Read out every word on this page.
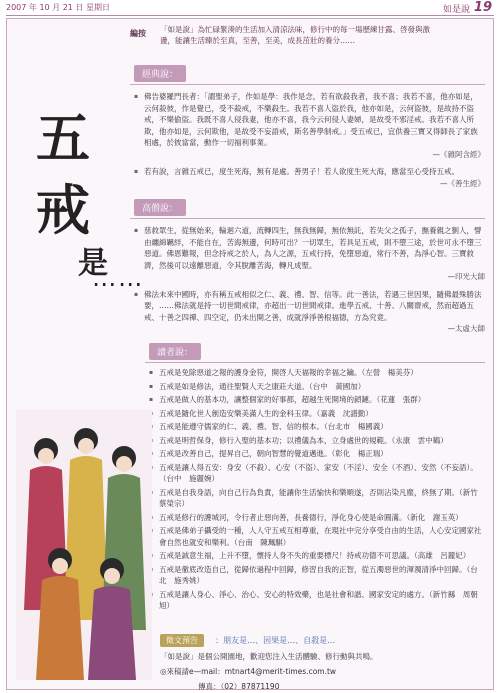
2007 年 10 月 21 日 星期日	如是說 19
編按 「如是說」為忙碌緊湊的生活加入清涼法味，修行中的每一場歷練甘露、啓發與激盪，能讓生活臻於至真，至善，至美，成長茁壯的養分……
五
戒
是
⋯⋯
經典說：
▪ 佛告婆羅門長者：「謂聖弟子，作如是學：我作是念，若有欲殺我者，我不喜；我若不喜，他亦如是，云何殺彼，作是覺已，受不殺戒，不樂殺生。我若不喜人盜於我，他亦如是，云何盜彼，是故持不盜戒，不樂偷盜。我既不喜人侵我妻，他亦不喜，我今云何侵人妻婦，是故受不邪淫戒。我若不喜人所欺，他亦如是，云何欺他，是故受不妄語戒，斯名善學制戒。」受五戒已，宜供養三寶又得師長了家族相處，於彼當當，動作一切福利事業。
—《雜阿含經》
▪ 若有說，言雜五戒已，度生死海，無有是處。善男子！若人欲度生死大海，應當至心受持五戒。
—《善生經》
高僧說：
▪ 慈救眾生，從無始來，輪迴六道，流轉四生，無我無歸，無依無託，若失父之孤子，撫養親之劉人，譬由纏綿羈絆，不能自在，苦海無邊，何時可出？一切眾生，若具足五戒，則不墮三途，於世可永不墮三惡道。佛恩難報，但念持戒之於人，為人之源，五戒行持，免墮惡道，常行不善，為淨心智。三寶救濟，然後可以遠離惡道，令其脫離苦海，轉凡成聖。
—印光大師
▪ 佛法未來中國時，亦有稱五戒相似之仁、義、禮、智、信等。此一善法，若遇三世因果，隨佛最殊勝法要，……佛法就是持一切世間戒律，亦超出一切世間戒律。進學五戒、十善、八關齋戒，然而超過五戒、十善之四禪、四空定，仍未出開之善，成就淨淨善根福德，方為究竟。
—太虛大師
讀者說：
▪ 五戒是免除惡道之報的護身金符，開啓人天福報的幸福之鑰。（左營　楊美芬）
▪ 五戒是如是修法，通往聖賢人天之康莊大道。（台中　黃國加）
▪ 五戒是做人的基本功，讓整個家的好事都，超越生死開境的鎖鏈。（花蓮　張群）
▪ 五戒是隨化世人創造安樂美滿人生的金科玉律。（嘉義　沈譜勤）
▪ 五戒是能遵守儒家的仁、義、禮、智、信的根本。（台北市　楊國義）
▪ 五戒是明哲保身，修行入聖的基本功；以禮儀為本，立身處世的規範。（永康　雲中鶴）
▪ 五戒是改善自己，提昇自己，朝向智慧的覺道邁進。（彰化　楊正瑞）
▪ 五戒是讓人得五安：身安（不殺）、心安（不盜）、家安（不淫）、安全（不酒）、安然（不妄語）。（台中　施麗婉）
▪ 五戒是自我身語，向自己行為負責，能讓你生活愉快和樂順遂，否則沾染凡塵，終無了期。（新竹　蔡榮宗）
▪ 五戒是修行的護城河，令行者止惡向善，長養德行，淨化身心使是命圓滿。（新化　謝玉英）
▪ 五戒是佛弟子攝受的一種，人人守五戒互相尊重，在現社中完分享受自由的生活，人心安定國家社會自然也就安和樂利。（台南　陳珮騏）
▪ 五戒是誠意生福，上升不墮，懷持人身不失的重要標尺！持戒功德不可思議。（高雄　呂麗妃）
▪ 五戒是徹底改造自己，從歸依過程中回歸，修習自我的正智，從五濁惡世的渾濁清淨中回歸。（台北　施秀姚）
▪ 五戒是讓人身心、淨心、治心、安心的特效藥，也是社會和諧、國家安定的處方。（新竹縣　周朝旭）
徵文預告 ：朋友是…、因果是…、自殺是…
「如是說」是個公開園地，歡迎您注入生活體驗、修行動與共鳴。
◎來稿請e—mail：mtnart4@merit-times.com.tw
傳真：（02）87871190
